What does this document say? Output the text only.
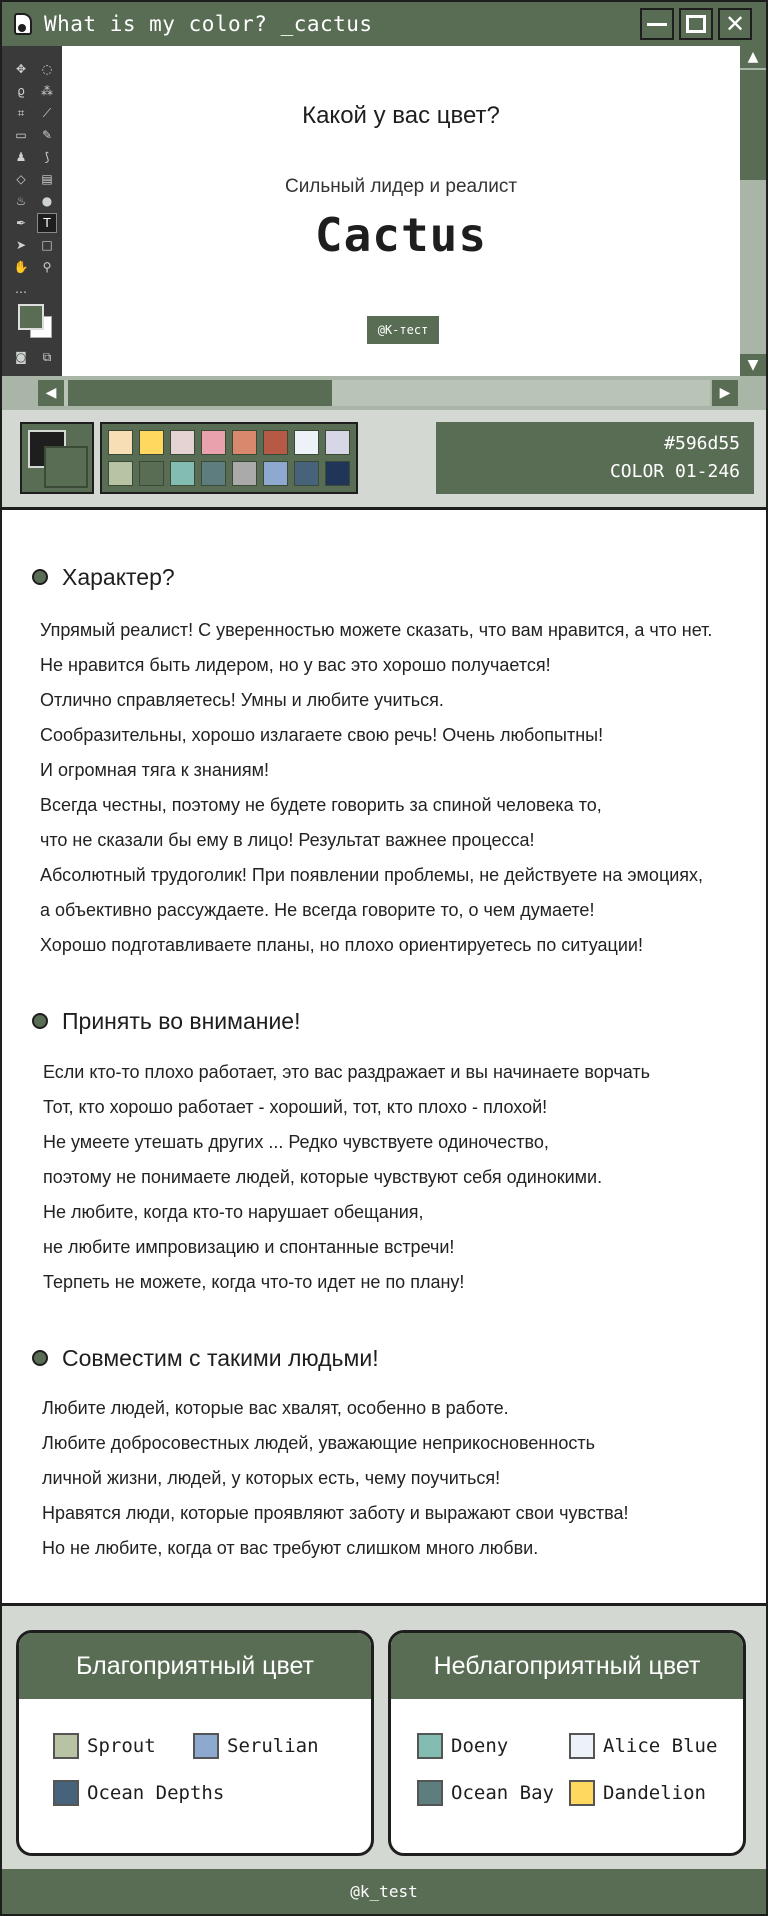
What is my color? _cactus
✕
✥	◌
ϱ	⁂
⌗	⟋
▭	✎
♟	⟆
◇	▤
♨	●
✒	T
➤	□
✋	⚲
…
◙	⧉
Какой у вас цвет?
Сильный лидер и реалист
Cactus
@K-тест
▲
▼
◀	▶
#596d55
COLOR 01-246
Характер?
Упрямый реалист! С уверенностью можете сказать, что вам нравится, а что нет.
Не нравится быть лидером, но у вас это хорошо получается!
Отлично справляетесь! Умны и любите учиться.
Сообразительны, хорошо излагаете свою речь! Очень любопытны!
И огромная тяга к знаниям!
Всегда честны, поэтому не будете говорить за спиной человека то,
что не сказали бы ему в лицо! Результат важнее процесса!
Абсолютный трудоголик! При появлении проблемы, не действуете на эмоциях,
а объективно рассуждаете. Не всегда говорите то, о чем думаете!
Хорошо подготавливаете планы, но плохо ориентируетесь по ситуации!
Принять во внимание!
Если кто-то плохо работает, это вас раздражает и вы начинаете ворчать
Тот, кто хорошо работает - хороший, тот, кто плохо - плохой!
Не умеете утешать других ... Редко чувствуете одиночество,
поэтому не понимаете людей, которые чувствуют себя одинокими.
Не любите, когда кто-то нарушает обещания,
не любите импровизацию и спонтанные встречи!
Терпеть не можете, когда что-то идет не по плану!
Совместим с такими людьми!
Любите людей, которые вас хвалят, особенно в работе.
Любите добросовестных людей, уважающие неприкосновенность
личной жизни, людей, у которых есть, чему поучиться!
Нравятся люди, которые проявляют заботу и выражают свои чувства!
Но не любите, когда от вас требуют слишком много любви.
Благоприятный цвет
Sprout	Serulian
Ocean Depths
Неблагоприятный цвет
Doeny	Alice Blue
Ocean Bay	Dandelion
@k_test
